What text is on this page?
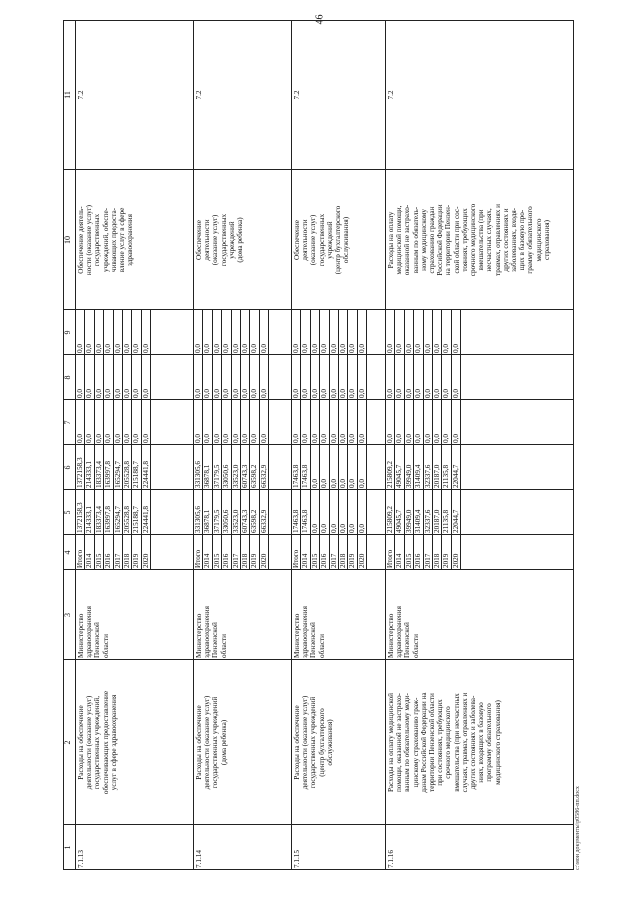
1
2
3
4
5
6
7
8
9
10
11
7.1.13
Расходы на обеспечение деятельности (оказание услуг) государственных учреждений, обеспечивающих предоставление услуг в сфере здравоохранения
Министерство здравоохранения Пензенской области
Итого 2014 2015 2016 2017 2018 2019 2020
1372158,3 214333,1 183373,4 163997,8 165294,7 205528,8 215188,7 224441,8
1372158,3 214333,1 183373,4 163997,8 165294,7 205528,8 215188,7 224441,8
0,0 0,0 0,0 0,0 0,0 0,0 0,0 0,0
0,0 0,0 0,0 0,0 0,0 0,0 0,0 0,0
0,0 0,0 0,0 0,0 0,0 0,0 0,0 0,0
Обеспечение деятель- ности (оказание услуг) государственных учреждений, обеспе- чивающих предоста- вление услуг в сфере здравоохранения
7.2
7.1.14
Расходы на обеспечение деятельности (оказание услуг) государственных учреждений (дома ребенка)
Министерство здравоохранения Пензенской области
Итого 2014 2015 2016 2017 2018 2019 2020
331305,6 36878,1 37179,5 33050,6 33523,0 60743,3 63598,2 66332,9
331305,6 36878,1 37179,5 33050,6 33523,0 60743,3 63598,2 66332,9
0,0 0,0 0,0 0,0 0,0 0,0 0,0 0,0
0,0 0,0 0,0 0,0 0,0 0,0 0,0 0,0
0,0 0,0 0,0 0,0 0,0 0,0 0,0 0,0
Обеспечение деятельности (оказание услуг) государственных учреждений (дома ребенка)
7.2
7.1.15
Расходы на обеспечение деятельности (оказание услуг) государственных учреждений (центр бухгалтерского обслуживания)
Министерство здравоохранения Пензенской области
Итого 2014 2015 2016 2017 2018 2019 2020
17463,8 17463,8 0,0 0,0 0,0 0,0 0,0 0,0
17463,8 17463,8 0,0 0,0 0,0 0,0 0,0 0,0
0,0 0,0 0,0 0,0 0,0 0,0 0,0 0,0
0,0 0,0 0,0 0,0 0,0 0,0 0,0 0,0
0,0 0,0 0,0 0,0 0,0 0,0 0,0 0,0
Обеспечение деятельности (оказание услуг) государственных учреждений (центр бухгалтерского обслуживания)
7.2
7.1.16
Расходы на оплату медицинской помощи, оказанной не застрахо- ванным по обязательному меди- цинскому страхованию граж- данам Российской Федерации на территории Пензенской области при состояниях, требующих срочного медицинского вмешательства (при несчастных случаях, травмах, отравлениях и других состояниях и заболева- ниях, входящих в базовую программу обязательного медицинского страхования)
Министерство здравоохранения Пензенской области
Итого 2014 2015 2016 2017 2018 2019 2020
215809,2 49045,7 39949,0 31409,4 32337,6 20187,0 21135,8 22044,7
215809,2 49045,7 39949,0 31409,4 32337,6 20187,0 21135,8 22044,7
0,0 0,0 0,0 0,0 0,0 0,0 0,0 0,0
0,0 0,0 0,0 0,0 0,0 0,0 0,0 0,0
0,0 0,0 0,0 0,0 0,0 0,0 0,0 0,0
Расходы на оплату медицинской помощи, оказанной не застрахо- ванным по обязатель- ному медицинскому страхованию граждан Российской Федерации на территории Пензен- ской области при сос- тояниях, требующих срочного медицинского вмешательства (при несчастных случаях, травмах, отравлениях и других состояниях и заболеваниях, входя- щих в базовую про- грамму обязательного медицинского страхования)
7.2
c:\мои документы\р0586-пп.docx
